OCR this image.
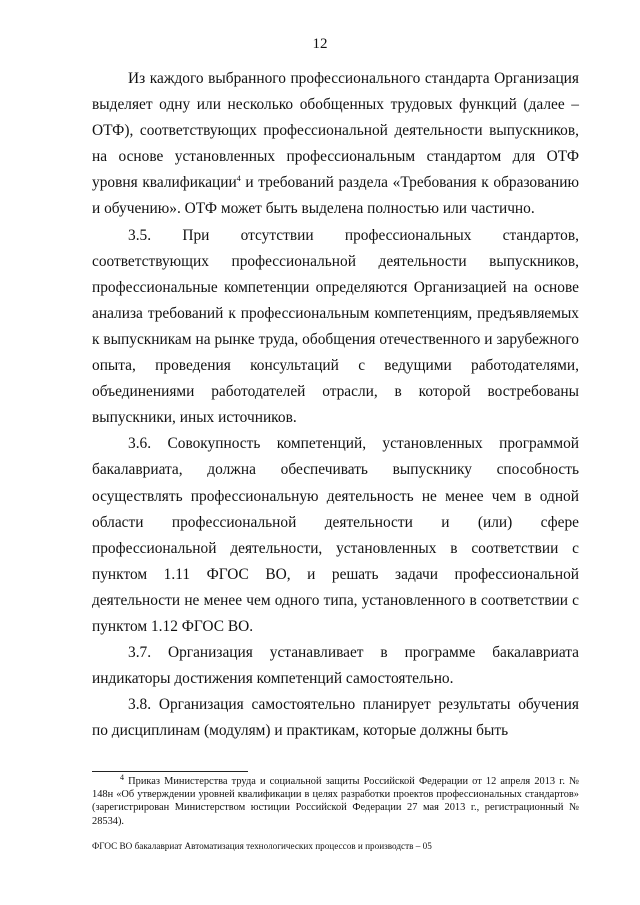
12

Из каждого выбранного профессионального стандарта Организация выделяет одну или несколько обобщенных трудовых функций (далее – ОТФ), соответствующих профессиональной деятельности выпускников, на основе установленных профессиональным стандартом для ОТФ уровня квалификации$^4$ и требований раздела «Требования к образованию и обучению». ОТФ может быть выделена полностью или частично.

3.5. При отсутствии профессиональных стандартов, соответствующих профессиональной деятельности выпускников, профессиональные компетенции определяются Организацией на основе анализа требований к профессиональным компетенциям, предъявляемых к выпускникам на рынке труда, обобщения отечественного и зарубежного опыта, проведения консультаций с ведущими работодателями, объединениями работодателей отрасли, в которой востребованы выпускники, иных источников.

3.6. Совокупность компетенций, установленных программой бакалавриата, должна обеспечивать выпускнику способность осуществлять профессиональную деятельность не менее чем в одной области профессиональной деятельности и (или) сфере профессиональной деятельности, установленных в соответствии с пунктом 1.11 ФГОС ВО, и решать задачи профессиональной деятельности не менее чем одного типа, установленного в соответствии с пунктом 1.12 ФГОС ВО.

3.7. Организация устанавливает в программе бакалавриата индикаторы достижения компетенций самостоятельно.

3.8. Организация самостоятельно планирует результаты обучения по дисциплинам (модулям) и практикам, которые должны быть

$^4$ Приказ Министерства труда и социальной защиты Российской Федерации от 12 апреля 2013 г. № 148н «Об утверждении уровней квалификации в целях разработки проектов профессиональных стандартов» (зарегистрирован Министерством юстиции Российской Федерации 27 мая 2013 г., регистрационный № 28534).
ФГОС ВО бакалавриат Автоматизация технологических процессов и производств – 05
